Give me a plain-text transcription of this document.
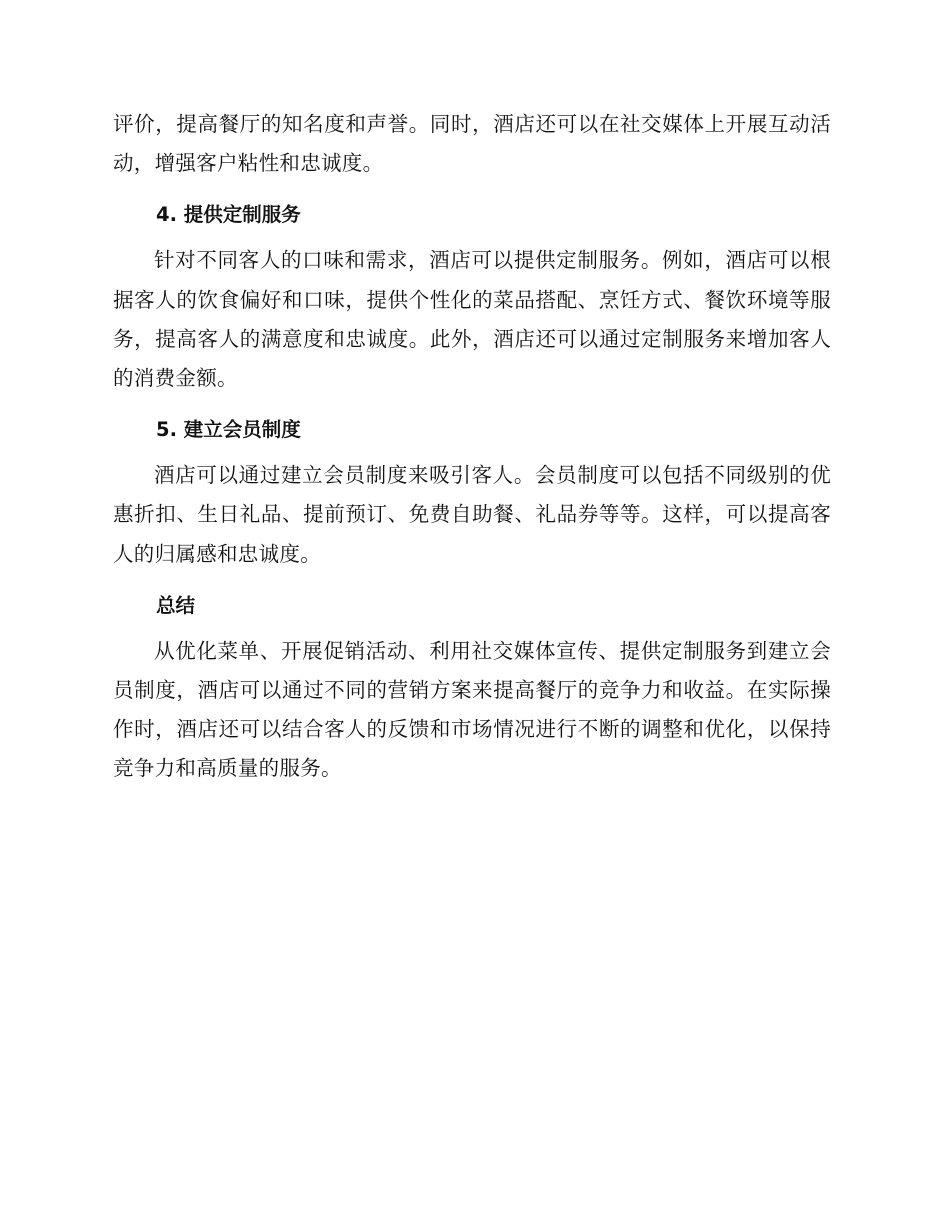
评价，提高餐厅的知名度和声誉。同时，酒店还可以在社交媒体上开展互动活动，增强客户粘性和忠诚度。

4. 提供定制服务

针对不同客人的口味和需求，酒店可以提供定制服务。例如，酒店可以根据客人的饮食偏好和口味，提供个性化的菜品搭配、烹饪方式、餐饮环境等服务，提高客人的满意度和忠诚度。此外，酒店还可以通过定制服务来增加客人的消费金额。

5. 建立会员制度

酒店可以通过建立会员制度来吸引客人。会员制度可以包括不同级别的优惠折扣、生日礼品、提前预订、免费自助餐、礼品券等等。这样，可以提高客人的归属感和忠诚度。

总结

从优化菜单、开展促销活动、利用社交媒体宣传、提供定制服务到建立会员制度，酒店可以通过不同的营销方案来提高餐厅的竞争力和收益。在实际操作时，酒店还可以结合客人的反馈和市场情况进行不断的调整和优化，以保持竞争力和高质量的服务。
